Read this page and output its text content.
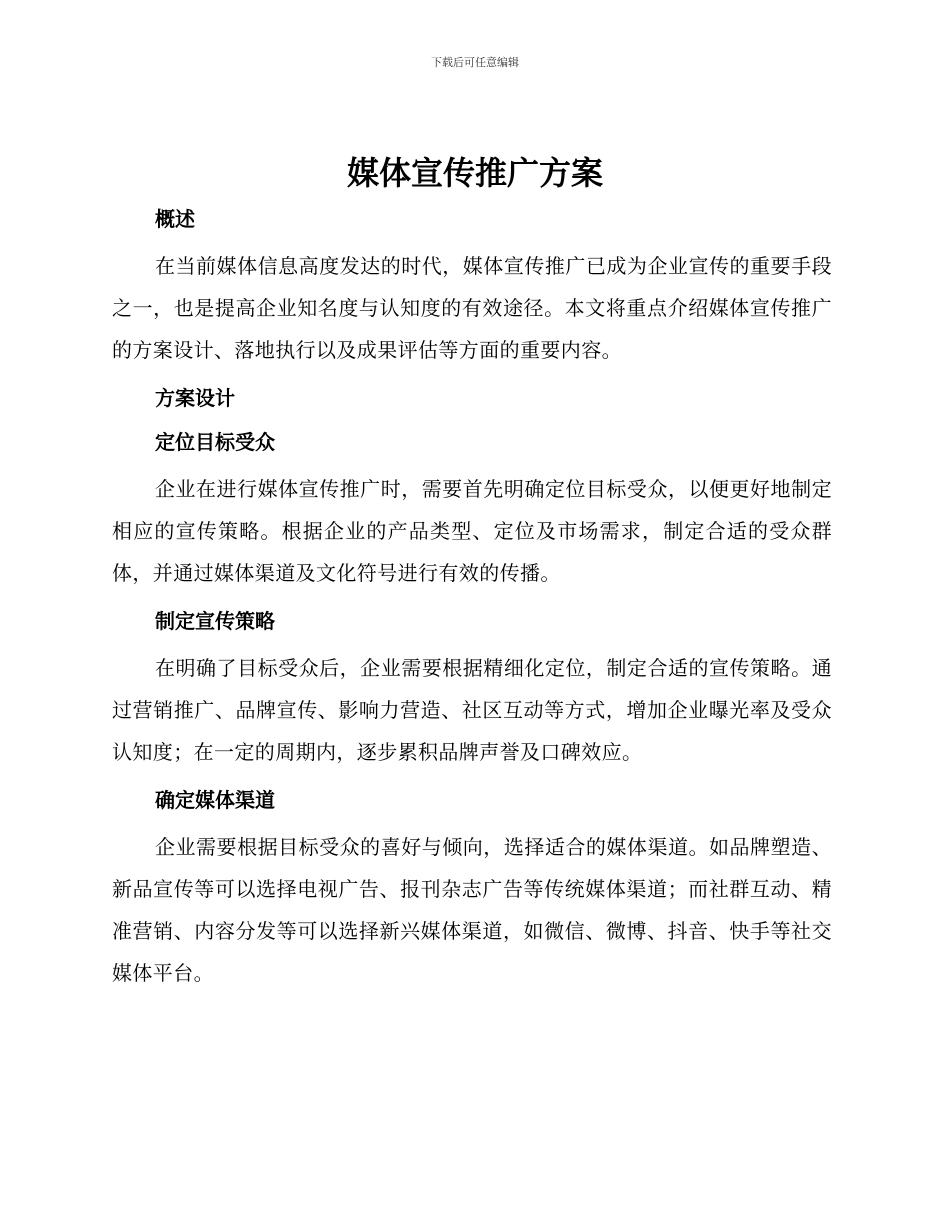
下载后可任意编辑
媒体宣传推广方案
概述

在当前媒体信息高度发达的时代，媒体宣传推广已成为企业宣传的重要手段之一，也是提高企业知名度与认知度的有效途径。本文将重点介绍媒体宣传推广的方案设计、落地执行以及成果评估等方面的重要内容。

方案设计
定位目标受众

企业在进行媒体宣传推广时，需要首先明确定位目标受众，以便更好地制定相应的宣传策略。根据企业的产品类型、定位及市场需求，制定合适的受众群体，并通过媒体渠道及文化符号进行有效的传播。

制定宣传策略

在明确了目标受众后，企业需要根据精细化定位，制定合适的宣传策略。通过营销推广、品牌宣传、影响力营造、社区互动等方式，增加企业曝光率及受众认知度；在一定的周期内，逐步累积品牌声誉及口碑效应。

确定媒体渠道

企业需要根据目标受众的喜好与倾向，选择适合的媒体渠道。如品牌塑造、新品宣传等可以选择电视广告、报刊杂志广告等传统媒体渠道；而社群互动、精准营销、内容分发等可以选择新兴媒体渠道，如微信、微博、抖音、快手等社交媒体平台。
